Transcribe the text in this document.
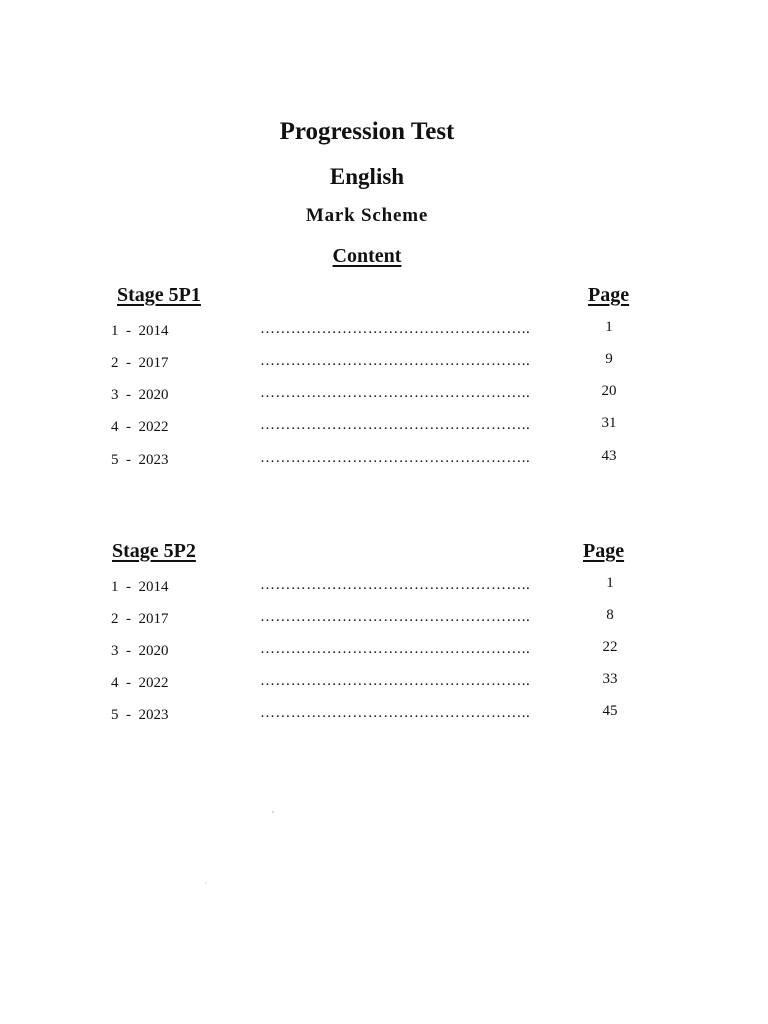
Progression Test
English
Mark Scheme
Content
Stage 5P1	Page
1  -  2014	……………………………………………..	1
2  -  2017	……………………………………………..	9
3  -  2020	……………………………………………..	20
4  -  2022	……………………………………………..	31
5  -  2023	……………………………………………..	43
Stage 5P2	Page
1  -  2014	……………………………………………..	1
2  -  2017	……………………………………………..	8
3  -  2020	……………………………………………..	22
4  -  2022	……………………………………………..	33
5  -  2023	……………………………………………..	45
